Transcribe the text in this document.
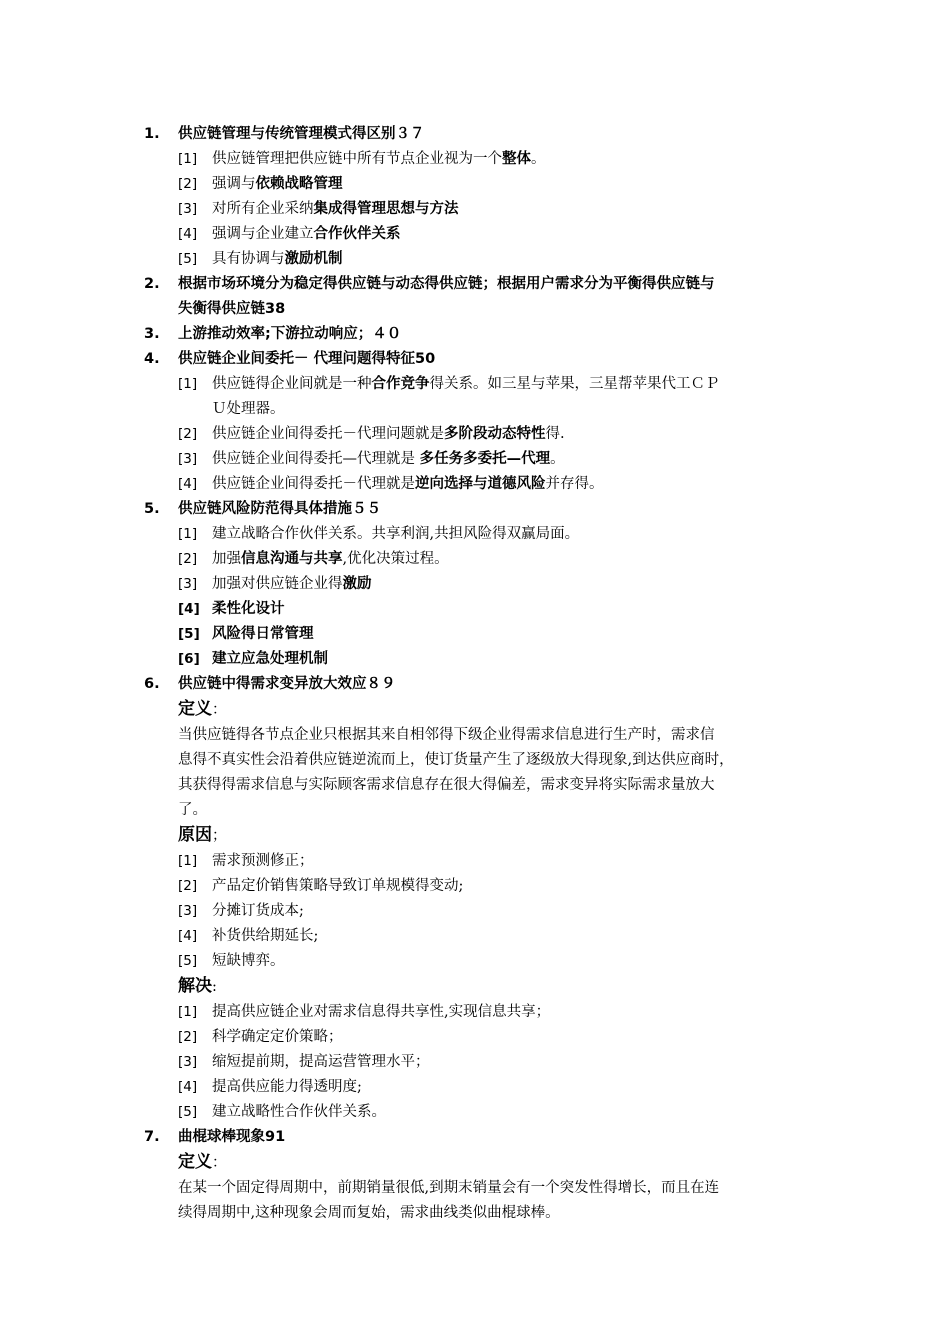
1. 供应链管理与传统管理模式得区别３７
[1] 供应链管理把供应链中所有节点企业视为一个整体。
[2] 强调与依赖战略管理
[3] 对所有企业采纳集成得管理思想与方法
[4] 强调与企业建立合作伙伴关系
[5] 具有协调与激励机制
2. 根据市场环境分为稳定得供应链与动态得供应链；根据用户需求分为平衡得供应链与
失衡得供应链38
3. 上游推动效率;下游拉动响应；４０
4. 供应链企业间委托－ 代理问题得特征50
[1] 供应链得企业间就是一种合作竞争得关系。如三星与苹果，三星帮苹果代工ＣＰ
Ｕ处理器。
[2] 供应链企业间得委托－代理问题就是多阶段动态特性得.
[3] 供应链企业间得委托—代理就是 多任务多委托—代理。
[4] 供应链企业间得委托－代理就是逆向选择与道德风险并存得。
5. 供应链风险防范得具体措施５５
[1] 建立战略合作伙伴关系。共享利润,共担风险得双赢局面。
[2] 加强信息沟通与共享,优化决策过程。
[3] 加强对供应链企业得激励
[4] 柔性化设计
[5] 风险得日常管理
[6] 建立应急处理机制
6. 供应链中得需求变异放大效应８９
定义：
当供应链得各节点企业只根据其来自相邻得下级企业得需求信息进行生产时，需求信
息得不真实性会沿着供应链逆流而上，使订货量产生了逐级放大得现象,到达供应商时，
其获得得需求信息与实际顾客需求信息存在很大得偏差，需求变异将实际需求量放大
了。
原因；
[1] 需求预测修正；
[2] 产品定价销售策略导致订单规模得变动;
[3] 分摊订货成本;
[4] 补货供给期延长;
[5] 短缺博弈。
解决:
[1] 提高供应链企业对需求信息得共享性,实现信息共享；
[2] 科学确定定价策略；
[3] 缩短提前期，提高运营管理水平；
[4] 提高供应能力得透明度;
[5] 建立战略性合作伙伴关系。
7. 曲棍球棒现象91
定义：
在某一个固定得周期中，前期销量很低,到期末销量会有一个突发性得增长，而且在连
续得周期中,这种现象会周而复始，需求曲线类似曲棍球棒。
